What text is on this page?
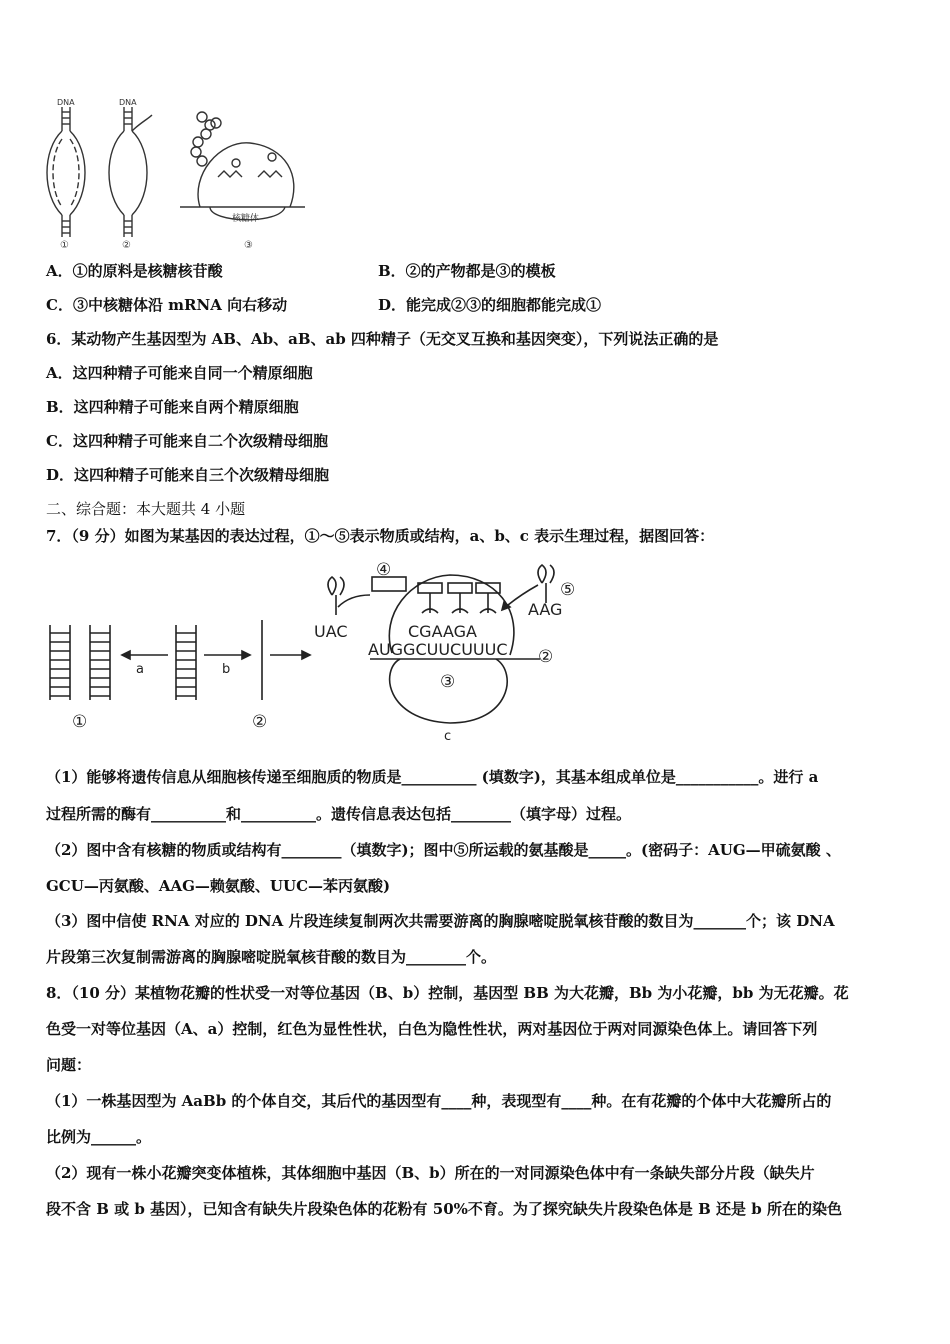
DNA	DNA
核糖体
①	②	③
A．①的原料是核糖核苷酸	B．②的产物都是③的模板
C．③中核糖体沿 mRNA 向右移动	D．能完成②③的细胞都能完成①
6．某动物产生基因型为 AB、Ab、aB、ab 四种精子（无交叉互换和基因突变），下列说法正确的是
A．这四种精子可能来自同一个精原细胞
B．这四种精子可能来自两个精原细胞
C．这四种精子可能来自二个次级精母细胞
D．这四种精子可能来自三个次级精母细胞
二、综合题：本大题共 4 小题
7．（9 分）如图为某基因的表达过程，①～⑤表示物质或结构，a、b、c 表示生理过程，据图回答：
a	b
c
①	②
②
③
④
⑤
UAC	CGAAGA
AUGGCUUCUUUC
AAG
（1）能够将遗传信息从细胞核传递至细胞质的物质是__________ (填数字)，其基本组成单位是___________。进行 a
过程所需的酶有__________和__________。遗传信息表达包括________（填字母）过程。
（2）图中含有核糖的物质或结构有________（填数字)；图中⑤所运载的氨基酸是_____。(密码子：AUG—甲硫氨酸 、
GCU—丙氨酸、AAG—赖氨酸、UUC—苯丙氨酸)
（3）图中信使 RNA 对应的 DNA 片段连续复制两次共需要游离的胸腺嘧啶脱氧核苷酸的数目为_______个；该 DNA
片段第三次复制需游离的胸腺嘧啶脱氧核苷酸的数目为________个。
8．（10 分）某植物花瓣的性状受一对等位基因（B、b）控制，基因型 BB 为大花瓣，Bb 为小花瓣，bb 为无花瓣。花
色受一对等位基因（A、a）控制，红色为显性性状，白色为隐性性状，两对基因位于两对同源染色体上。请回答下列
问题：
（1）一株基因型为 AaBb 的个体自交，其后代的基因型有____种，表现型有____种。在有花瓣的个体中大花瓣所占的
比例为______。
（2）现有一株小花瓣突变体植株，其体细胞中基因（B、b）所在的一对同源染色体中有一条缺失部分片段（缺失片
段不含 B 或 b 基因），已知含有缺失片段染色体的花粉有 50%不育。为了探究缺失片段染色体是 B 还是 b 所在的染色
